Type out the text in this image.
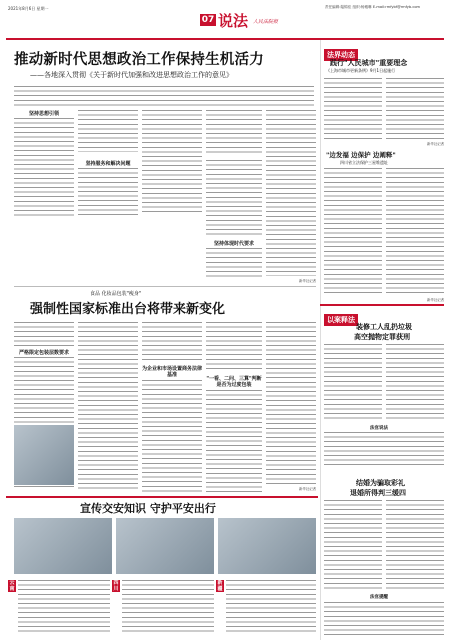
2021年8月6日 星期一
07 说法 人民法院报
责任编辑:陆锦佳 组织:杨雅琳 E-mail:rmfybf@rmfyb.com
推动新时代思想政治工作保持生机活力
——各地深入贯彻《关于新时代加强和改进思想政治工作的意见》
坚持思想引领
坚持服务和解决问题
坚持体现时代要求
新华社记者
食品 化妆品包装"瘦身"
强制性国家标准出台将带来新变化
严格限定包装层数要求
为企业和市场设置商务法律基准
"一看、二问、三算"判断是否为过度包装
新华社记者
法界动态
践行"人民城市"重要理念
《上海市城市更新条例》9月1日起施行
新华社记者
"边发福 边保护 边阐释"
四川省立法保护三星堆遗址
新华社记者
以案释法
装修工人乱扔垃圾
高空抛物定罪获刑
法官说法
结婚为骗取彩礼
退婚所得判三缓四
法官提醒
宣传交安知识 守护平安出行
云南
四川
新疆
